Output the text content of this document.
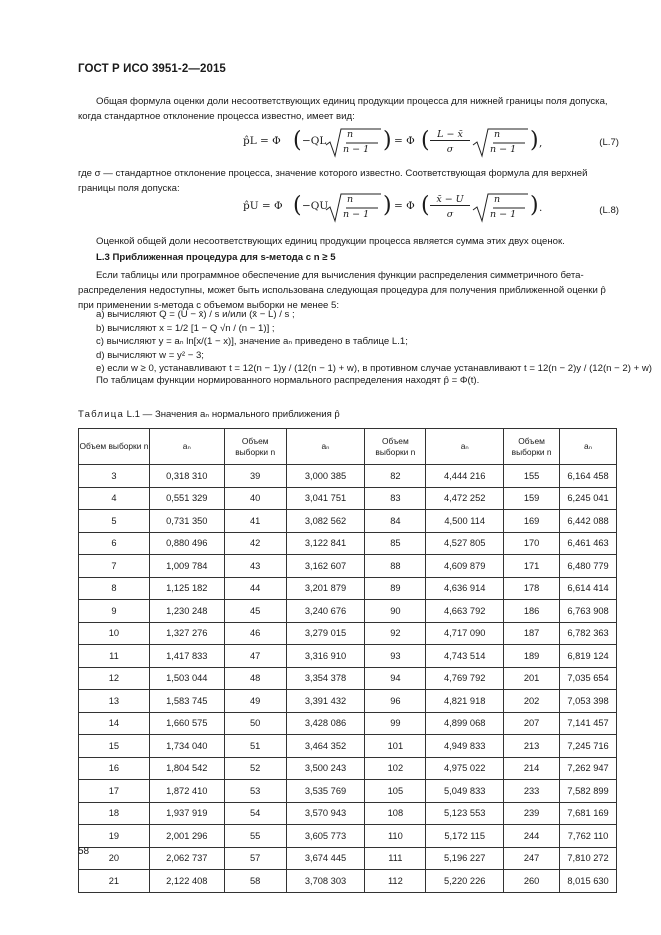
ГОСТ Р ИСО 3951-2—2015
Общая формула оценки доли несоответствующих единиц продукции процесса для нижней границы поля допуска, когда стандартное отклонение процесса известно, имеет вид:
p̂L = Φ ( −QL
n
n − 1 ) = Φ ( L − x̄
σ
n
n − 1 ) ,	(L.7)
где σ — стандартное отклонение процесса, значение которого известно. Соответствующая формула для верхней границы поля допуска:
p̂U = Φ ( −QU
n
n − 1 ) = Φ ( x̄ − U
σ
n
n − 1 ) .	(L.8)
Оценкой общей доли несоответствующих единиц продукции процесса является сумма этих двух оценок.
L.3 Приближенная процедура для s-метода с n ≥ 5
Если таблицы или программное обеспечение для вычисления функции распределения симметричного бета-распределения недоступны, может быть использована следующая процедура для получения приближенной оценки p̂ при применении s-метода с объемом выборки не менее 5:
a) вычисляют Q = (U − x̄) / s и/или (x̄ − L) / s ;
b) вычисляют x = 1/2 [1 − Q √n / (n − 1)] ;
c) вычисляют y = aₙ ln[x/(1 − x)], значение aₙ приведено в таблице L.1;
d) вычисляют w = y² − 3;
e) если w ≥ 0, устанавливают t = 12(n − 1)y / (12(n − 1) + w), в противном случае устанавливают t = 12(n − 2)y / (12(n − 2) + w)
По таблицам функции нормированного нормального распределения находят p̂ = Φ(t).
Таблица L.1 — Значения aₙ нормального приближения p̂
Объем выборки n	aₙ	Объем выборки n	aₙ	Объем выборки n	aₙ	Объем выборки n	aₙ
3	0,318 310	39	3,000 385	82	4,444 216	155	6,164 458
4	0,551 329	40	3,041 751	83	4,472 252	159	6,245 041
5	0,731 350	41	3,082 562	84	4,500 114	169	6,442 088
6	0,880 496	42	3,122 841	85	4,527 805	170	6,461 463
7	1,009 784	43	3,162 607	88	4,609 879	171	6,480 779
8	1,125 182	44	3,201 879	89	4,636 914	178	6,614 414
9	1,230 248	45	3,240 676	90	4,663 792	186	6,763 908
10	1,327 276	46	3,279 015	92	4,717 090	187	6,782 363
11	1,417 833	47	3,316 910	93	4,743 514	189	6,819 124
12	1,503 044	48	3,354 378	94	4,769 792	201	7,035 654
13	1,583 745	49	3,391 432	96	4,821 918	202	7,053 398
14	1,660 575	50	3,428 086	99	4,899 068	207	7,141 457
15	1,734 040	51	3,464 352	101	4,949 833	213	7,245 716
16	1,804 542	52	3,500 243	102	4,975 022	214	7,262 947
17	1,872 410	53	3,535 769	105	5,049 833	233	7,582 899
18	1,937 919	54	3,570 943	108	5,123 553	239	7,681 169
19	2,001 296	55	3,605 773	110	5,172 115	244	7,762 110
20	2,062 737	57	3,674 445	111	5,196 227	247	7,810 272
21	2,122 408	58	3,708 303	112	5,220 226	260	8,015 630
58
